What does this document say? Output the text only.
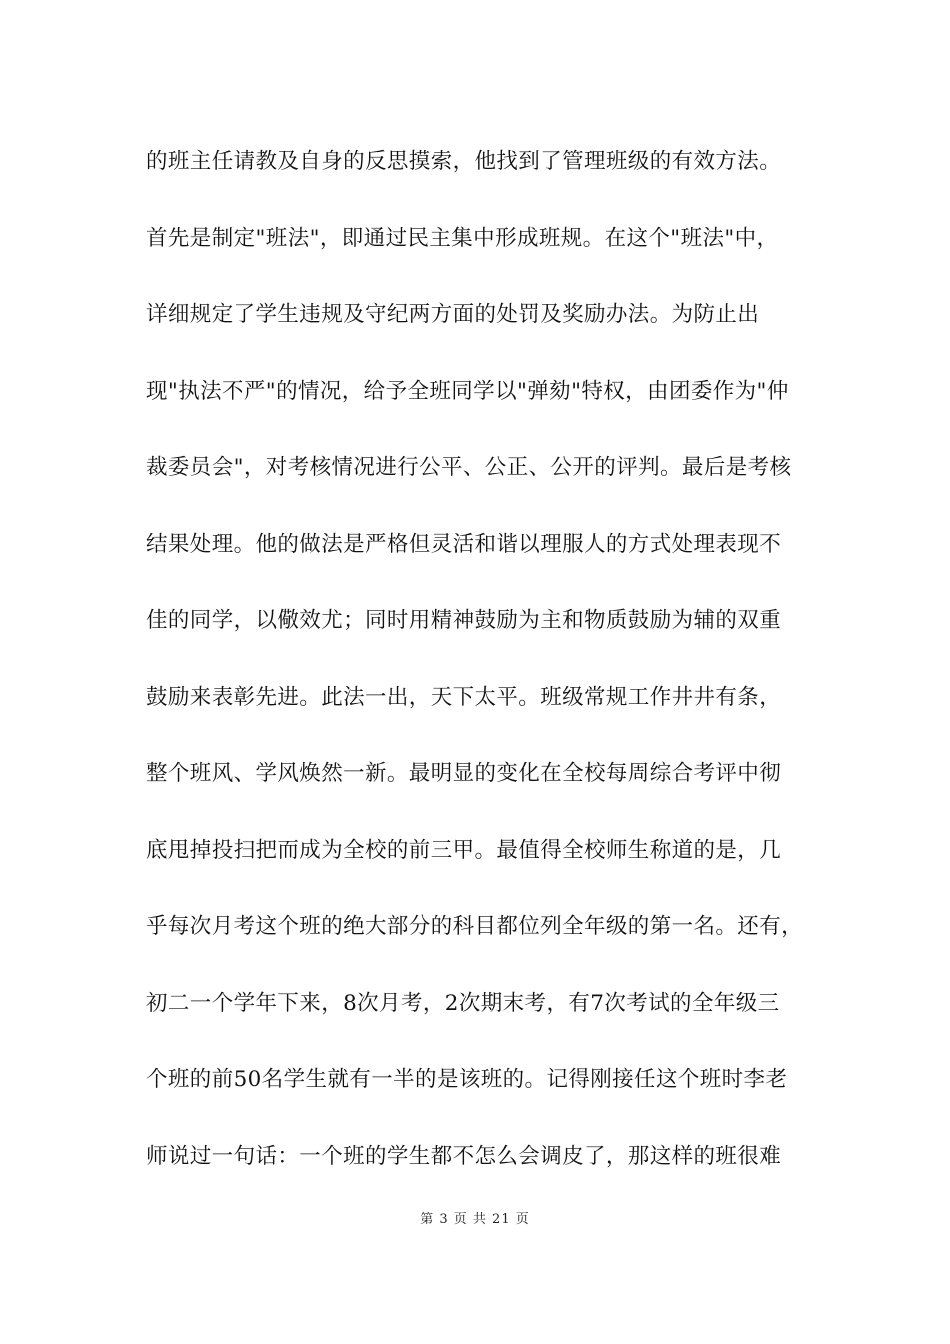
的班主任请教及自身的反思摸索，他找到了管理班级的有效方法。
首先是制定"班法"，即通过民主集中形成班规。在这个"班法"中，
详细规定了学生违规及守纪两方面的处罚及奖励办法。为防止出
现"执法不严"的情况，给予全班同学以"弹劾"特权，由团委作为"仲
裁委员会"，对考核情况进行公平、公正、公开的评判。最后是考核
结果处理。他的做法是严格但灵活和谐以理服人的方式处理表现不
佳的同学，以儆效尤；同时用精神鼓励为主和物质鼓励为辅的双重
鼓励来表彰先进。此法一出，天下太平。班级常规工作井井有条，
整个班风、学风焕然一新。最明显的变化在全校每周综合考评中彻
底甩掉投扫把而成为全校的前三甲。最值得全校师生称道的是，几
乎每次月考这个班的绝大部分的科目都位列全年级的第一名。还有，
初二一个学年下来，8次月考，2次期末考，有7次考试的全年级三
个班的前50名学生就有一半的是该班的。记得刚接任这个班时李老
师说过一句话：一个班的学生都不怎么会调皮了，那这样的班很难
第 3 页 共 21 页
